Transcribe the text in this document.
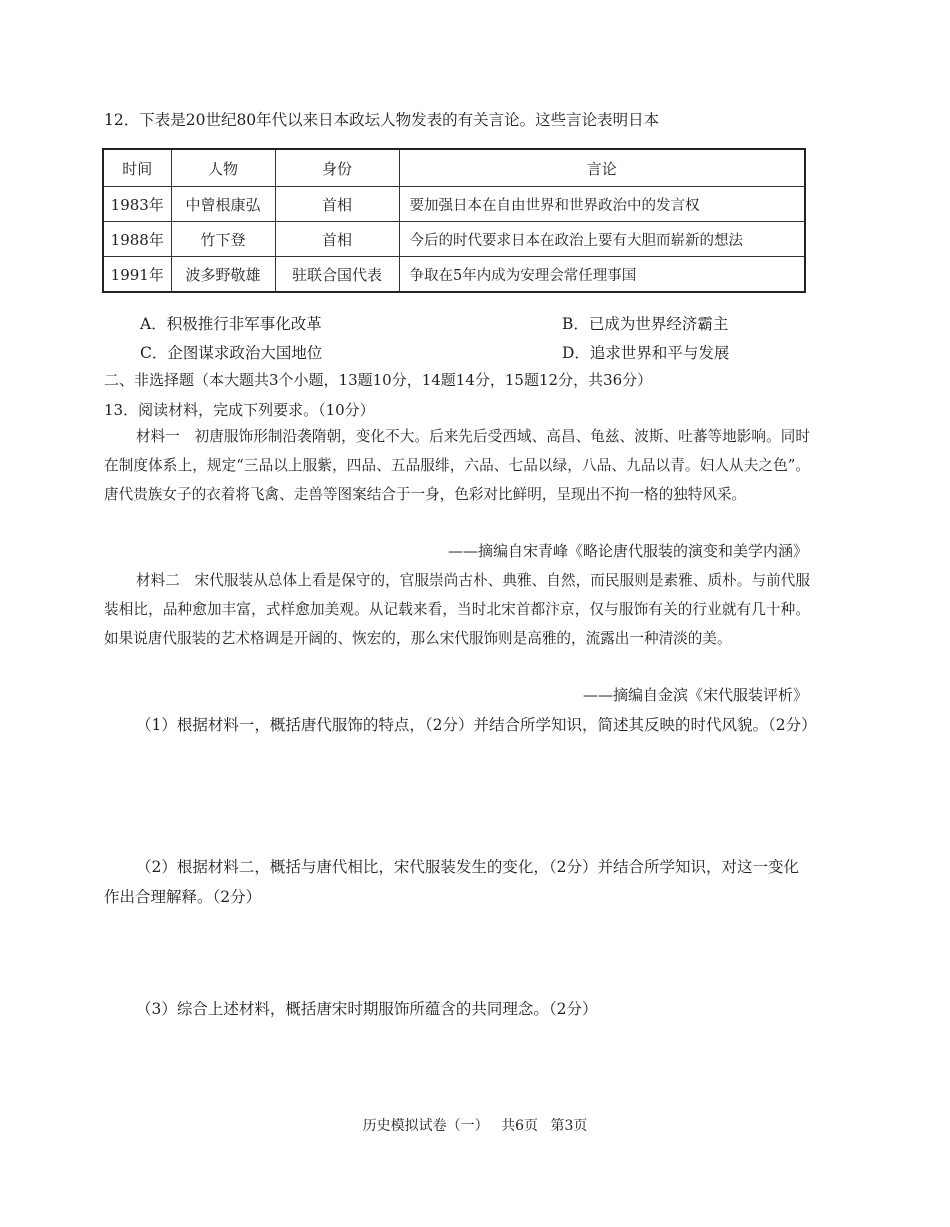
12．下表是20世纪80年代以来日本政坛人物发表的有关言论。这些言论表明日本
时间	人物	身份	言论
1983年	中曾根康弘	首相	要加强日本在自由世界和世界政治中的发言权
1988年	竹下登	首相	今后的时代要求日本在政治上要有大胆而崭新的想法
1991年	波多野敬雄	驻联合国代表	争取在5年内成为安理会常任理事国
A．积极推行非军事化改革	B．已成为世界经济霸主
C．企图谋求政治大国地位	D．追求世界和平与发展
二、非选择题（本大题共3个小题，13题10分，14题14分，15题12分，共36分）
13．阅读材料，完成下列要求。（10分）
材料一　初唐服饰形制沿袭隋朝，变化不大。后来先后受西域、高昌、龟兹、波斯、吐蕃等地影响。同时在制度体系上，规定“三品以上服紫，四品、五品服绯，六品、七品以绿，八品、九品以青。妇人从夫之色”。唐代贵族女子的衣着将飞禽、走兽等图案结合于一身，色彩对比鲜明，呈现出不拘一格的独特风采。
——摘编自宋青峰《略论唐代服装的演变和美学内涵》
材料二　宋代服装从总体上看是保守的，官服崇尚古朴、典雅、自然，而民服则是素雅、质朴。与前代服装相比，品种愈加丰富，式样愈加美观。从记载来看，当时北宋首都汴京，仅与服饰有关的行业就有几十种。如果说唐代服装的艺术格调是开阔的、恢宏的，那么宋代服饰则是高雅的，流露出一种清淡的美。
——摘编自金滨《宋代服装评析》
（1）根据材料一，概括唐代服饰的特点，（2分）并结合所学知识，简述其反映的时代风貌。（2分）
（2）根据材料二，概括与唐代相比，宋代服装发生的变化，（2分）并结合所学知识，对这一变化作出合理解释。（2分）
（3）综合上述材料，概括唐宋时期服饰所蕴含的共同理念。（2分）
历史模拟试卷（一） 共6页 第3页
